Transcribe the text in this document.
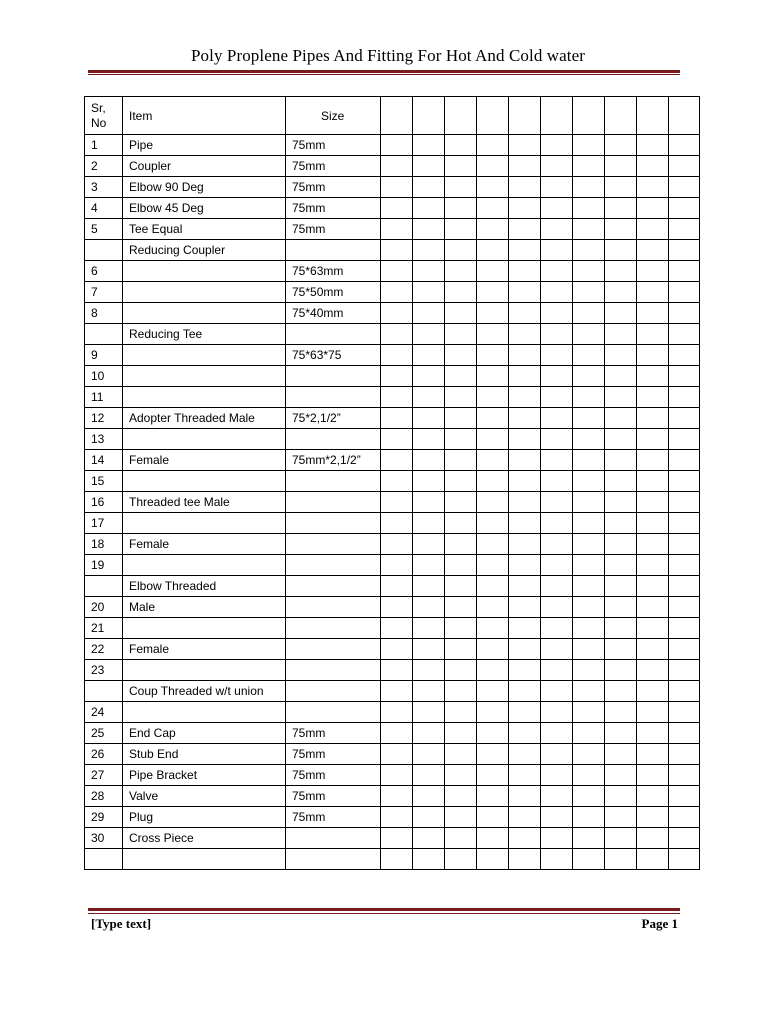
Poly Proplene Pipes And Fitting For Hot And Cold water
Sr,
No	Item	Size										
1	Pipe	75mm										
2	Coupler	75mm										
3	Elbow 90 Deg	75mm										
4	Elbow 45 Deg	75mm										
5	Tee Equal	75mm										
	Reducing Coupler											
6		75*63mm										
7		75*50mm										
8		75*40mm										
	Reducing Tee											
9		75*63*75										
10												
11												
12	Adopter Threaded Male	75*2,1/2”										
13												
14	Female	75mm*2,1/2”										
15												
16	Threaded tee Male											
17												
18	Female											
19												
	Elbow Threaded											
20	Male											
21												
22	Female											
23												
	Coup Threaded w/t union											
24												
25	End Cap	75mm										
26	Stub End	75mm										
27	Pipe Bracket	75mm										
28	Valve	75mm										
29	Plug	75mm										
30	Cross Piece											

[Type text]	Page 1
